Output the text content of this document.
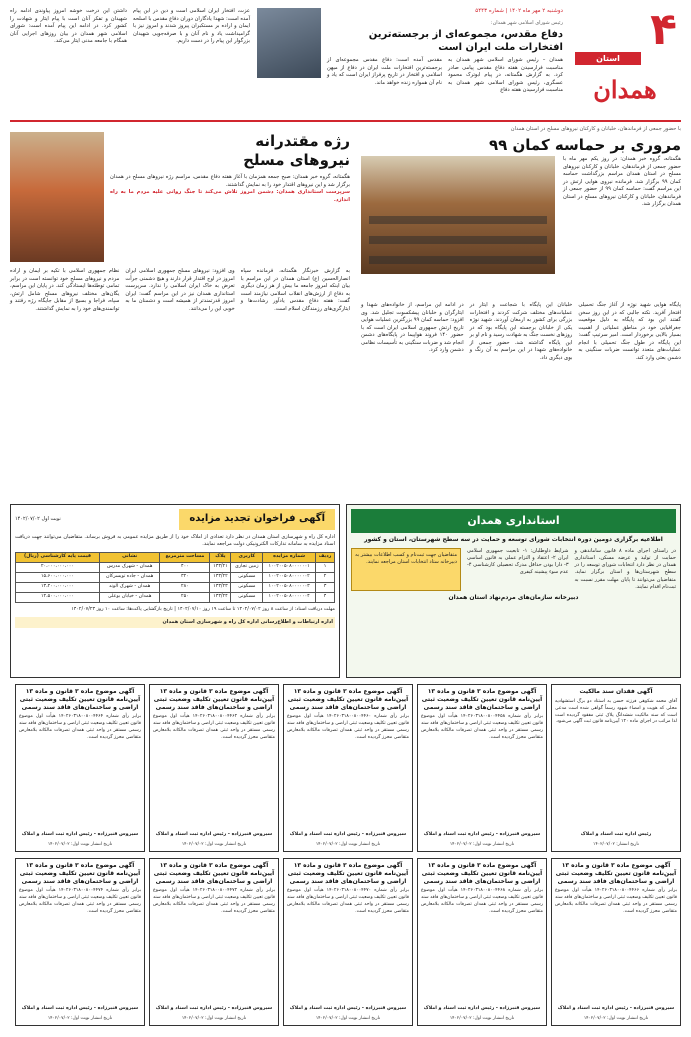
۴
استان
همدان
دوشنبه ۲ مهر ماه ۱۴۰۲ | شماره ۵۴۴۳
رئیس شورای اسلامی شهر همدان:
دفاع مقدس، مجموعه‌ای از برجسته‌ترین افتخارات ملت ایران است

همدان – رئیس شورای اسلامی شهر همدان به مناسبت فرارسیدن هفته دفاع مقدس پیامی صادر کرد. به گزارش هگمتانه، در پیام ابوترک محمود عسگری، رئیس شورای اسلامی شهر همدان به مناسبت فرارسیدن هفته دفاع

مقدس آمده است: دفاع مقدس مجموعه‌ای از برجسته‌ترین افتخارات ملت ایران در دفاع از میهن اسلامی و افتخار در تاریخ پرفراز ایران است که یاد و نام آن همواره زنده خواهد ماند.

عزت، افتخار ایران اسلامی است و دین در این پیام آمده است: شهدا یادگاران دوران دفاع مقدس با اسلحه ایمان و اراده بر مستکبران پیروز شدند و امروز نیز با گرامیداشت یاد و نام آنان و با صرفه‌جویی شهیدان بزرگوار این پیام را در دست داریم.

داشتن این درخت خوشه امروز پیاوندی ادامه راه شهیدان و تفکر آنان است با پیام ایثار و شهادت را کشور کرد. در ادامه این پیام آمده است: شورای اسلامی شهر همدان در بیان روزهای اجرایی آنان همگام با جامعه مدنی ایثار می‌کند.

با حضور جمعی از فرماندهان، خلبانان و کارکنان نیروهای مسلح در استان همدان
مروری بر حماسه کمان ۹۹

هگمتانه، گروه خبر همدان: در روز یکم مهر ماه با حضور جمعی از فرماندهان، خلبانان و کارکنان نیروهای مسلح در استان همدان مراسم بزرگداشت حماسه کمان ۹۹ برگزار شد. فرمانده نیروی هوایی ارتش در این مراسم گفت: حماسه کمان ۹۹ از حضور جمعی از فرماندهان، خلبانان و کارکنان نیروهای مسلح در استان همدان برگزار شد.

پایگاه هوایی شهید نوژه از آغاز جنگ تحمیلی افتخار آفرید. نکته جالبی که در این روز سخن گفتند این بود که پایگاه به دلیل موقعیت جغرافیایی خود در مناطق عملیاتی از اهمیت بسیار بالایی برخوردار است. امیر سرتیپ گفت: این پایگاه در طول جنگ تحمیلی با انجام عملیات‌های متعدد توانست ضربات سنگینی به دشمن بعثی وارد کند.

خلبانان این پایگاه با شجاعت و ایثار در عملیات‌های مختلف شرکت کردند و افتخارات بزرگی برای کشور به ارمغان آوردند. شهید نوژه یکی از خلبانان برجسته این پایگاه بود که در روزهای نخست جنگ به شهادت رسید و نام او بر این پایگاه گذاشته شد. حضور جمعی از خانواده‌های شهدا در این مراسم به آن رنگ و بوی دیگری داد.

در ادامه این مراسم، از خانواده‌های شهدا و ایثارگران و خلبانان پیشکسوت تجلیل شد. وی افزود: حماسه کمان ۹۹ بزرگترین عملیات هوایی تاریخ ارتش جمهوری اسلامی ایران است که با حضور ۱۴۰ فروند هواپیما در پایگاه‌های دشمن انجام شد و ضربات سنگینی به تأسیسات نظامی دشمن وارد کرد.

رژه مقتدرانه
نیروهای مسلح

هگمتانه، گروه خبر همدان: صبح جمعه همزمان با آغاز هفته دفاع مقدس، مراسم رژه نیروهای مسلح در همدان برگزار شد و این نیروهای اقتدار خود را به نمایش گذاشتند.

سرپرست استانداری همدان: دشمن امروز تلاش می‌کند تا جنگ روانی علیه مردم ما به راه اندازد.

به گزارش خبرنگار هگمتانه، فرمانده سپاه انصارالحسین (ع) استان همدان در این مراسم با بیان اینکه امروز جامعه ما بیش از هر زمان دیگری به دفاع از ارزش‌های انقلاب اسلامی نیازمند است گفت: هفته دفاع مقدس یادآور رشادت‌ها و ایثارگری‌های رزمندگان اسلام است.

وی افزود: نیروهای مسلح جمهوری اسلامی ایران امروز در اوج اقتدار قرار دارند و هیچ دشمنی جرأت تعرض به خاک ایران اسلامی را ندارد. سرپرست استانداری همدان نیز در این مراسم گفت: ایران امروز قدرتمندتر از همیشه است و دشمنان ما به خوبی این را می‌دانند.

نظام جمهوری اسلامی با تکیه بر ایمان و اراده مردم و نیروهای مسلح خود توانسته است در برابر تمامی توطئه‌ها ایستادگی کند. در پایان این مراسم، یگان‌های مختلف نیروهای مسلح شامل ارتش، سپاه، فراجا و بسیج از مقابل جایگاه رژه رفتند و توانمندی‌های خود را به نمایش گذاشتند.

استانداری همدان
اطلاعیه برگزاری دومین دوره انتخابات شورای توسعه و حمایت در سه سطح شهرستان، استان و کشور

در راستای اجرای ماده ۸ قانون ساماندهی و حمایت از تولید و عرضه مسکن، استانداری همدان در نظر دارد انتخابات شورای توسعه را در سطح شهرستان‌ها و استان برگزار نماید. متقاضیان می‌توانند تا پایان مهلت مقرر نسبت به ثبت‌نام اقدام نمایند.

شرایط داوطلبان: ۱- تابعیت جمهوری اسلامی ایران ۲- اعتقاد و التزام عملی به قانون اساسی ۳- دارا بودن حداقل مدرک تحصیلی کارشناسی ۴- عدم سوء پیشینه کیفری

متقاضیان جهت ثبت‌نام و کسب اطلاعات بیشتر به دبیرخانه ستاد انتخابات استان مراجعه نمایند.
دبیرخانه سازمان‌های مردم‌نهاد استان همدان
آگهی فراخوان تجدید مزایده
نوبت اول ۱۴۰۲/۰۷/۰۲

اداره کل راه و شهرسازی استان همدان در نظر دارد تعدادی از املاک خود را از طریق مزایده عمومی به فروش برساند. متقاضیان می‌توانند جهت دریافت اسناد مزایده به سامانه تدارکات الکترونیکی دولت مراجعه نمایند.

ردیف	شماره مزایده	کاربری	پلاک	مساحت مترمربع	نشانی	قیمت پایه کارشناسی (ریال)
۱	۱۰۰۲۰۰۵۰۸۰۰۰۰۰۰۱	زمین تجاری	۱۴۳/۲۱	۴۰۰	همدان - شهرک مدرس	۲۰،۰۰۰،۰۰۰،۰۰۰
۲	۱۰۰۲۰۰۵۰۸۰۰۰۰۰۰۲	مسکونی	۱۴۳/۲۲	۳۲۰	همدان - جاده تویسرکان	۱۵،۶۰۰،۰۰۰،۰۰۰
۳	۱۰۰۲۰۰۵۰۸۰۰۰۰۰۰۳	مسکونی	۱۴۳/۲۳	۲۸۰	همدان - شهرک الوند	۱۳،۲۰۰،۰۰۰،۰۰۰
۴	۱۰۰۲۰۰۵۰۸۰۰۰۰۰۰۴	مسکونی	۱۴۳/۲۴	۲۵۰	همدان - خیابان بوعلی	۱۲،۵۰۰،۰۰۰،۰۰۰

مهلت دریافت اسناد: از ساعت ۸ روز ۱۴۰۲/۰۷/۰۲ تا ساعت ۱۹ روز ۱۴۰۲/۰۷/۱۰ | تاریخ بازگشایی پاکت‌ها: ساعت ۱۰ روز ۱۴۰۲/۰۷/۲۳

اداره ارتباطات و اطلاع‌رسانی اداره کل راه و شهرسازی استان همدان
آگهی فقدان سند مالکیت

آقای محمد شکوهی فرزند حسن به استناد دو برگ استشهادیه محلی که هویت و امضاء شهود رسماً گواهی شده است مدعی است که سند مالکیت ششدانگ پلاک ثبتی مفقود گردیده است لذا مراتب در اجرای ماده ۱۲۰ آیین‌نامه قانون ثبت آگهی می‌شود.

رئیس اداره ثبت اسناد و املاک
تاریخ انتشار: ۱۴۰۲/۰۷/۰۲
آگهی موضوع ماده ۳ قانون و ماده ۱۳ آیین‌نامه قانون تعیین تکلیف وضعیت ثبتی اراضی و ساختمان‌های فاقد سند رسمی

برابر رأی شماره ۱۴۰۲۶۰۳۱۸۰۰۸۰۰۴۴۵۸ هیأت اول موضوع قانون تعیین تکلیف وضعیت ثبتی اراضی و ساختمان‌های فاقد سند رسمی مستقر در واحد ثبتی همدان تصرفات مالکانه بلامعارض متقاضی محرز گردیده است.

سیروس قنبرزاده - رئیس اداره ثبت اسناد و املاک
تاریخ انتشار نوبت اول: ۱۴۰۲/۰۷/۰۲
آگهی موضوع ماده ۳ قانون و ماده ۱۳ آیین‌نامه قانون تعیین تکلیف وضعیت ثبتی اراضی و ساختمان‌های فاقد سند رسمی

برابر رأی شماره ۱۴۰۲۶۰۳۱۸۰۰۸۰۰۴۴۶۰ هیأت اول موضوع قانون تعیین تکلیف وضعیت ثبتی اراضی و ساختمان‌های فاقد سند رسمی مستقر در واحد ثبتی همدان تصرفات مالکانه بلامعارض متقاضی محرز گردیده است.

سیروس قنبرزاده - رئیس اداره ثبت اسناد و املاک
تاریخ انتشار نوبت اول: ۱۴۰۲/۰۷/۰۲
آگهی موضوع ماده ۳ قانون و ماده ۱۳ آیین‌نامه قانون تعیین تکلیف وضعیت ثبتی اراضی و ساختمان‌های فاقد سند رسمی

برابر رأی شماره ۱۴۰۲۶۰۳۱۸۰۰۸۰۰۴۴۶۲ هیأت اول موضوع قانون تعیین تکلیف وضعیت ثبتی اراضی و ساختمان‌های فاقد سند رسمی مستقر در واحد ثبتی همدان تصرفات مالکانه بلامعارض متقاضی محرز گردیده است.

سیروس قنبرزاده - رئیس اداره ثبت اسناد و املاک
تاریخ انتشار نوبت اول: ۱۴۰۲/۰۷/۰۲
آگهی موضوع ماده ۳ قانون و ماده ۱۳ آیین‌نامه قانون تعیین تکلیف وضعیت ثبتی اراضی و ساختمان‌های فاقد سند رسمی

برابر رأی شماره ۱۴۰۲۶۰۳۱۸۰۰۸۰۰۴۴۶۴ هیأت اول موضوع قانون تعیین تکلیف وضعیت ثبتی اراضی و ساختمان‌های فاقد سند رسمی مستقر در واحد ثبتی همدان تصرفات مالکانه بلامعارض متقاضی محرز گردیده است.

سیروس قنبرزاده - رئیس اداره ثبت اسناد و املاک
تاریخ انتشار نوبت اول: ۱۴۰۲/۰۷/۰۲
آگهی موضوع ماده ۳ قانون و ماده ۱۳ آیین‌نامه قانون تعیین تکلیف وضعیت ثبتی اراضی و ساختمان‌های فاقد سند رسمی

برابر رأی شماره ۱۴۰۲۶۰۳۱۸۰۰۸۰۰۴۴۶۶ هیأت اول موضوع قانون تعیین تکلیف وضعیت ثبتی اراضی و ساختمان‌های فاقد سند رسمی مستقر در واحد ثبتی همدان تصرفات مالکانه بلامعارض متقاضی محرز گردیده است.

سیروس قنبرزاده - رئیس اداره ثبت اسناد و املاک
تاریخ انتشار نوبت اول: ۱۴۰۲/۰۷/۰۲
آگهی موضوع ماده ۳ قانون و ماده ۱۳ آیین‌نامه قانون تعیین تکلیف وضعیت ثبتی اراضی و ساختمان‌های فاقد سند رسمی

برابر رأی شماره ۱۴۰۲۶۰۳۱۸۰۰۸۰۰۴۴۶۸ هیأت اول موضوع قانون تعیین تکلیف وضعیت ثبتی اراضی و ساختمان‌های فاقد سند رسمی مستقر در واحد ثبتی همدان تصرفات مالکانه بلامعارض متقاضی محرز گردیده است.

سیروس قنبرزاده - رئیس اداره ثبت اسناد و املاک
تاریخ انتشار نوبت اول: ۱۴۰۲/۰۷/۰۲
آگهی موضوع ماده ۳ قانون و ماده ۱۳ آیین‌نامه قانون تعیین تکلیف وضعیت ثبتی اراضی و ساختمان‌های فاقد سند رسمی

برابر رأی شماره ۱۴۰۲۶۰۳۱۸۰۰۸۰۰۴۴۷۰ هیأت اول موضوع قانون تعیین تکلیف وضعیت ثبتی اراضی و ساختمان‌های فاقد سند رسمی مستقر در واحد ثبتی همدان تصرفات مالکانه بلامعارض متقاضی محرز گردیده است.

سیروس قنبرزاده - رئیس اداره ثبت اسناد و املاک
تاریخ انتشار نوبت اول: ۱۴۰۲/۰۷/۰۲
آگهی موضوع ماده ۳ قانون و ماده ۱۳ آیین‌نامه قانون تعیین تکلیف وضعیت ثبتی اراضی و ساختمان‌های فاقد سند رسمی

برابر رأی شماره ۱۴۰۲۶۰۳۱۸۰۰۸۰۰۴۴۷۲ هیأت اول موضوع قانون تعیین تکلیف وضعیت ثبتی اراضی و ساختمان‌های فاقد سند رسمی مستقر در واحد ثبتی همدان تصرفات مالکانه بلامعارض متقاضی محرز گردیده است.

سیروس قنبرزاده - رئیس اداره ثبت اسناد و املاک
تاریخ انتشار نوبت اول: ۱۴۰۲/۰۷/۰۲
آگهی موضوع ماده ۳ قانون و ماده ۱۳ آیین‌نامه قانون تعیین تکلیف وضعیت ثبتی اراضی و ساختمان‌های فاقد سند رسمی

برابر رأی شماره ۱۴۰۲۶۰۳۱۸۰۰۸۰۰۴۴۷۴ هیأت اول موضوع قانون تعیین تکلیف وضعیت ثبتی اراضی و ساختمان‌های فاقد سند رسمی مستقر در واحد ثبتی همدان تصرفات مالکانه بلامعارض متقاضی محرز گردیده است.

سیروس قنبرزاده - رئیس اداره ثبت اسناد و املاک
تاریخ انتشار نوبت اول: ۱۴۰۲/۰۷/۰۲
